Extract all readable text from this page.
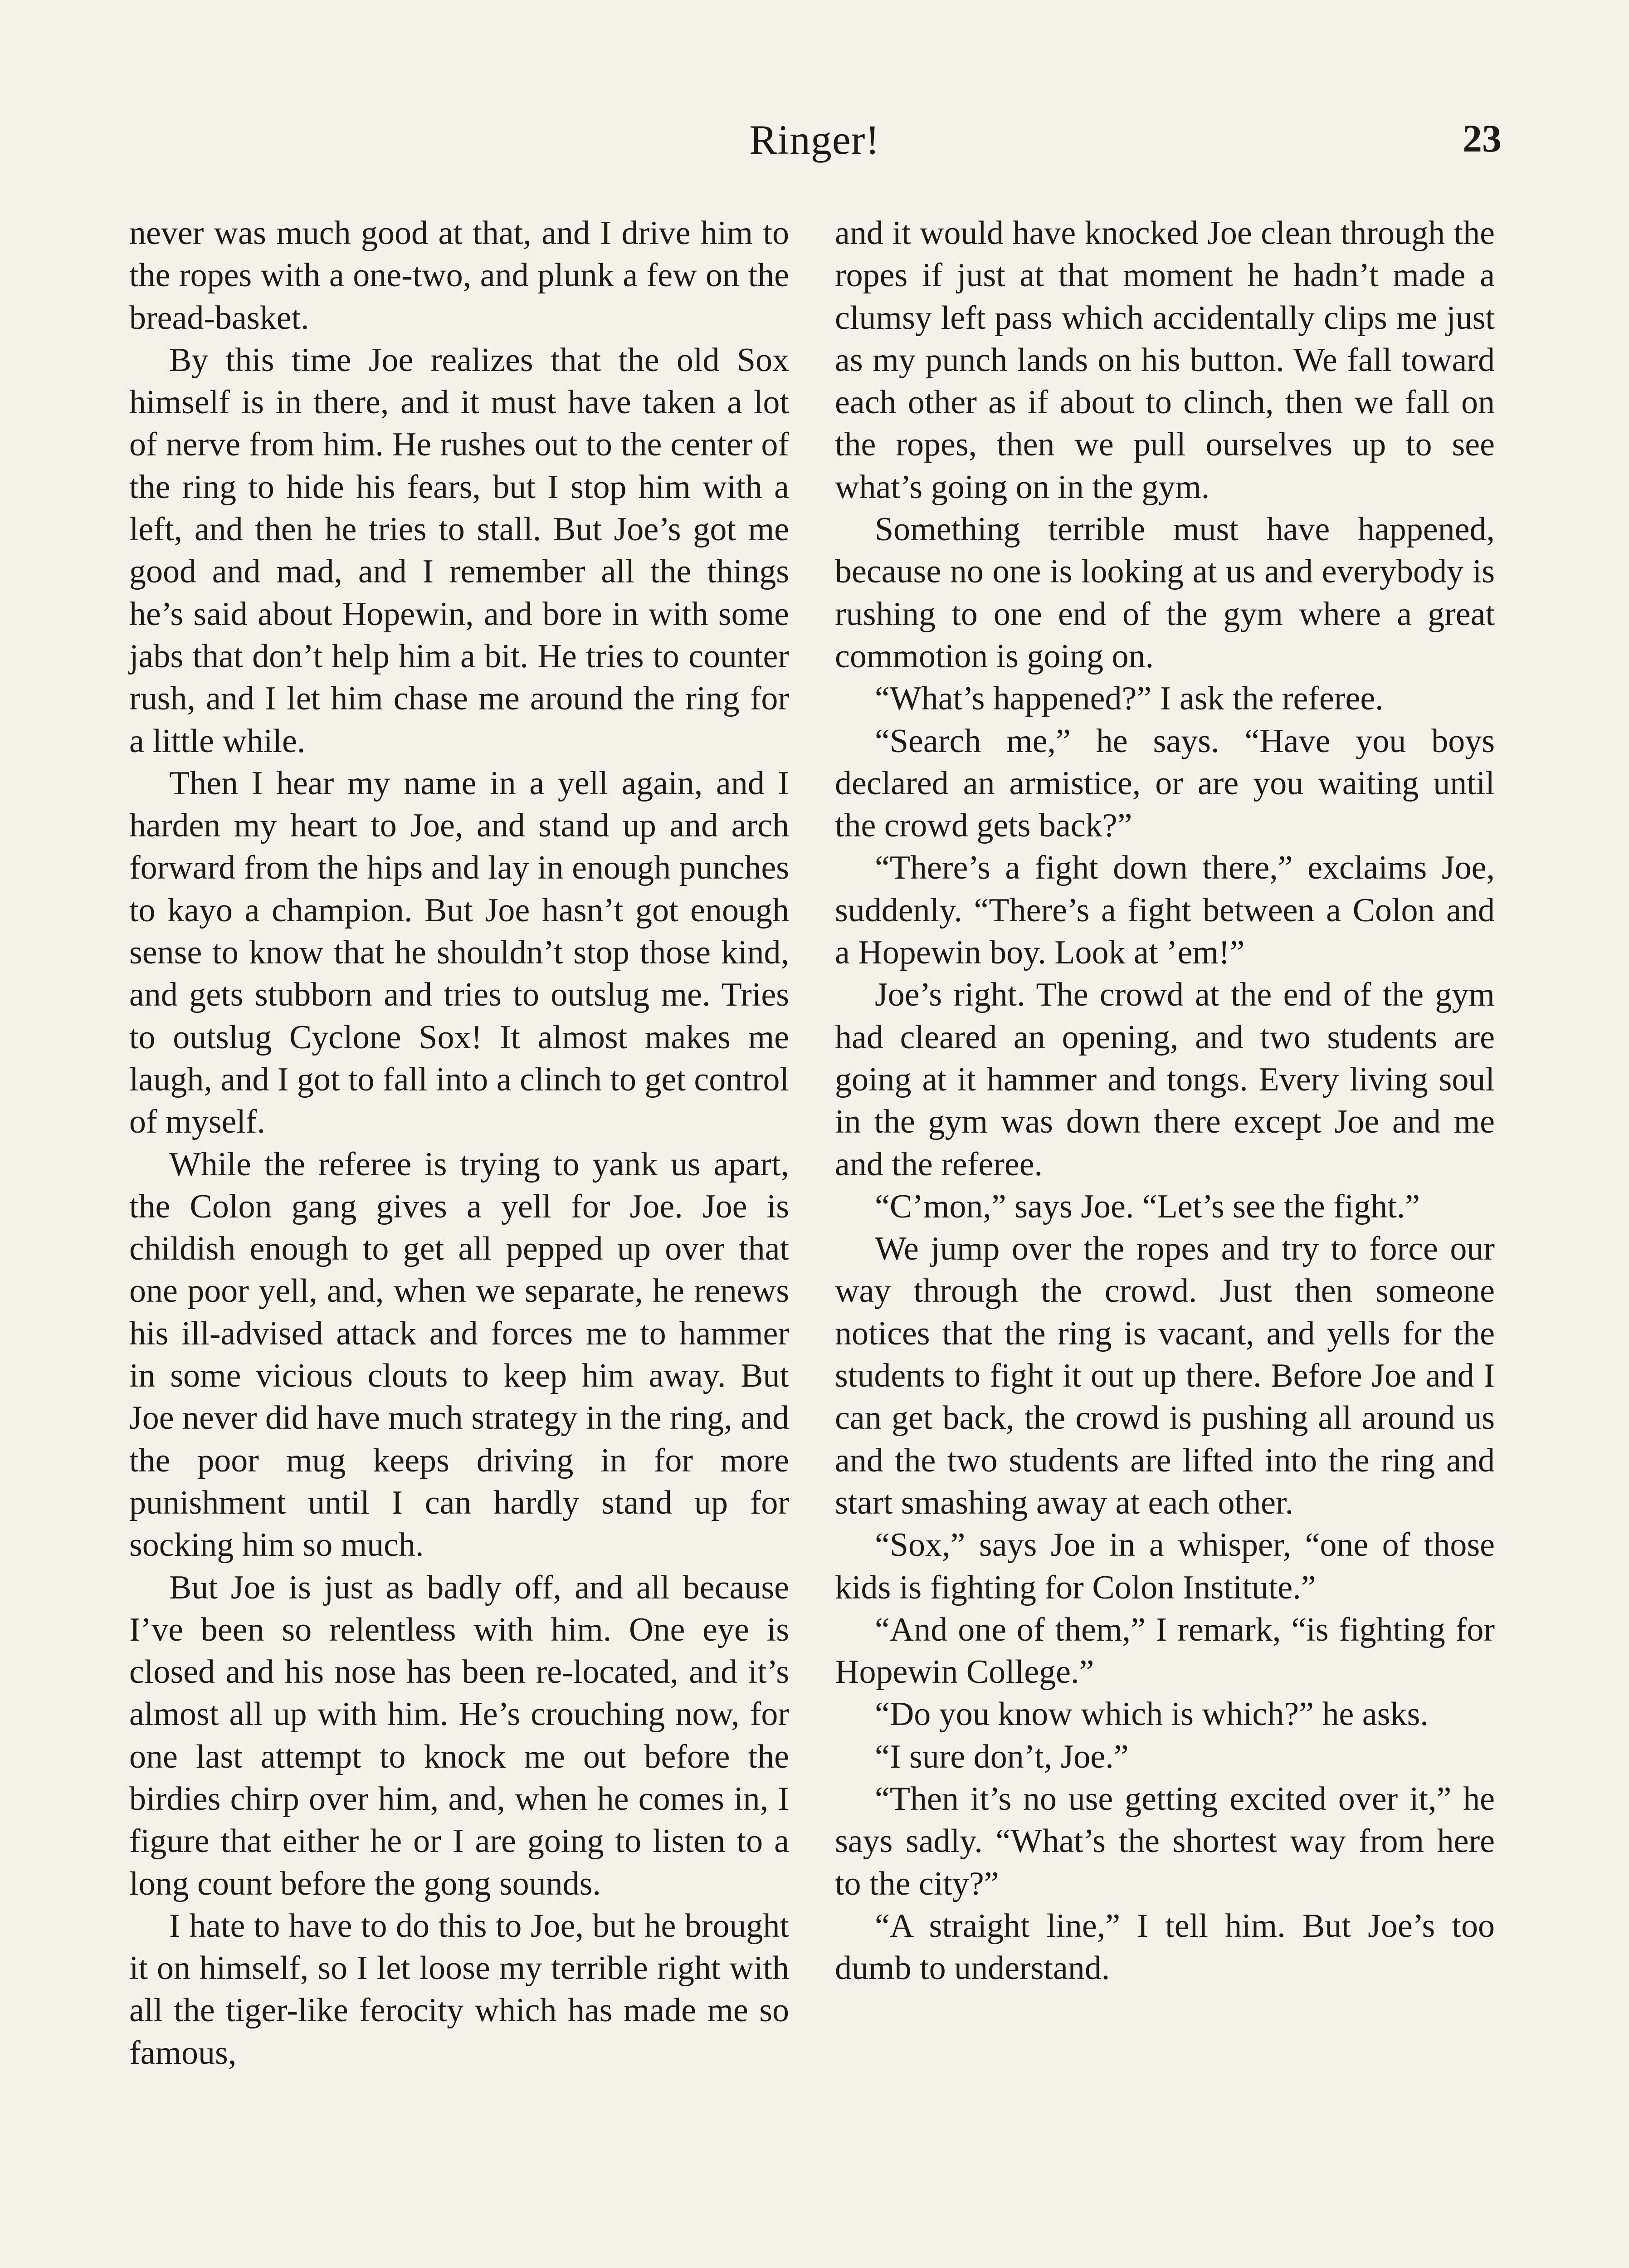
Ringer!	23

never was much good at that, and I drive him to the ropes with a one-two, and plunk a few on the bread-basket.

By this time Joe realizes that the old Sox himself is in there, and it must have taken a lot of nerve from him. He rushes out to the center of the ring to hide his fears, but I stop him with a left, and then he tries to stall. But Joe’s got me good and mad, and I remember all the things he’s said about Hopewin, and bore in with some jabs that don’t help him a bit. He tries to counter rush, and I let him chase me around the ring for a little while.

Then I hear my name in a yell again, and I harden my heart to Joe, and stand up and arch forward from the hips and lay in enough punches to kayo a champion. But Joe hasn’t got enough sense to know that he shouldn’t stop those kind, and gets stubborn and tries to outslug me. Tries to outslug Cyclone Sox! It almost makes me laugh, and I got to fall into a clinch to get control of myself.

While the referee is trying to yank us apart, the Colon gang gives a yell for Joe. Joe is childish enough to get all pepped up over that one poor yell, and, when we separate, he renews his ill-advised attack and forces me to hammer in some vicious clouts to keep him away. But Joe never did have much strategy in the ring, and the poor mug keeps driving in for more punishment until I can hardly stand up for socking him so much.

But Joe is just as badly off, and all because I’ve been so relentless with him. One eye is closed and his nose has been re-located, and it’s almost all up with him. He’s crouching now, for one last attempt to knock me out before the birdies chirp over him, and, when he comes in, I figure that either he or I are going to listen to a long count before the gong sounds.

I hate to have to do this to Joe, but he brought it on himself, so I let loose my terrible right with all the tiger-like ferocity which has made me so famous,

and it would have knocked Joe clean through the ropes if just at that moment he hadn’t made a clumsy left pass which accidentally clips me just as my punch lands on his button. We fall toward each other as if about to clinch, then we fall on the ropes, then we pull ourselves up to see what’s going on in the gym.

Something terrible must have happened, because no one is looking at us and everybody is rushing to one end of the gym where a great commotion is going on.

“What’s happened?” I ask the referee.

“Search me,” he says. “Have you boys declared an armistice, or are you waiting until the crowd gets back?”

“There’s a fight down there,” exclaims Joe, suddenly. “There’s a fight between a Colon and a Hopewin boy. Look at ’em!”

Joe’s right. The crowd at the end of the gym had cleared an opening, and two students are going at it hammer and tongs. Every living soul in the gym was down there except Joe and me and the referee.

“C’mon,” says Joe. “Let’s see the fight.”

We jump over the ropes and try to force our way through the crowd. Just then someone notices that the ring is vacant, and yells for the students to fight it out up there. Before Joe and I can get back, the crowd is pushing all around us and the two students are lifted into the ring and start smashing away at each other.

“Sox,” says Joe in a whisper, “one of those kids is fighting for Colon Institute.”

“And one of them,” I remark, “is fighting for Hopewin College.”

“Do you know which is which?” he asks.

“I sure don’t, Joe.”

“Then it’s no use getting excited over it,” he says sadly. “What’s the shortest way from here to the city?”

“A straight line,” I tell him. But Joe’s too dumb to understand.
